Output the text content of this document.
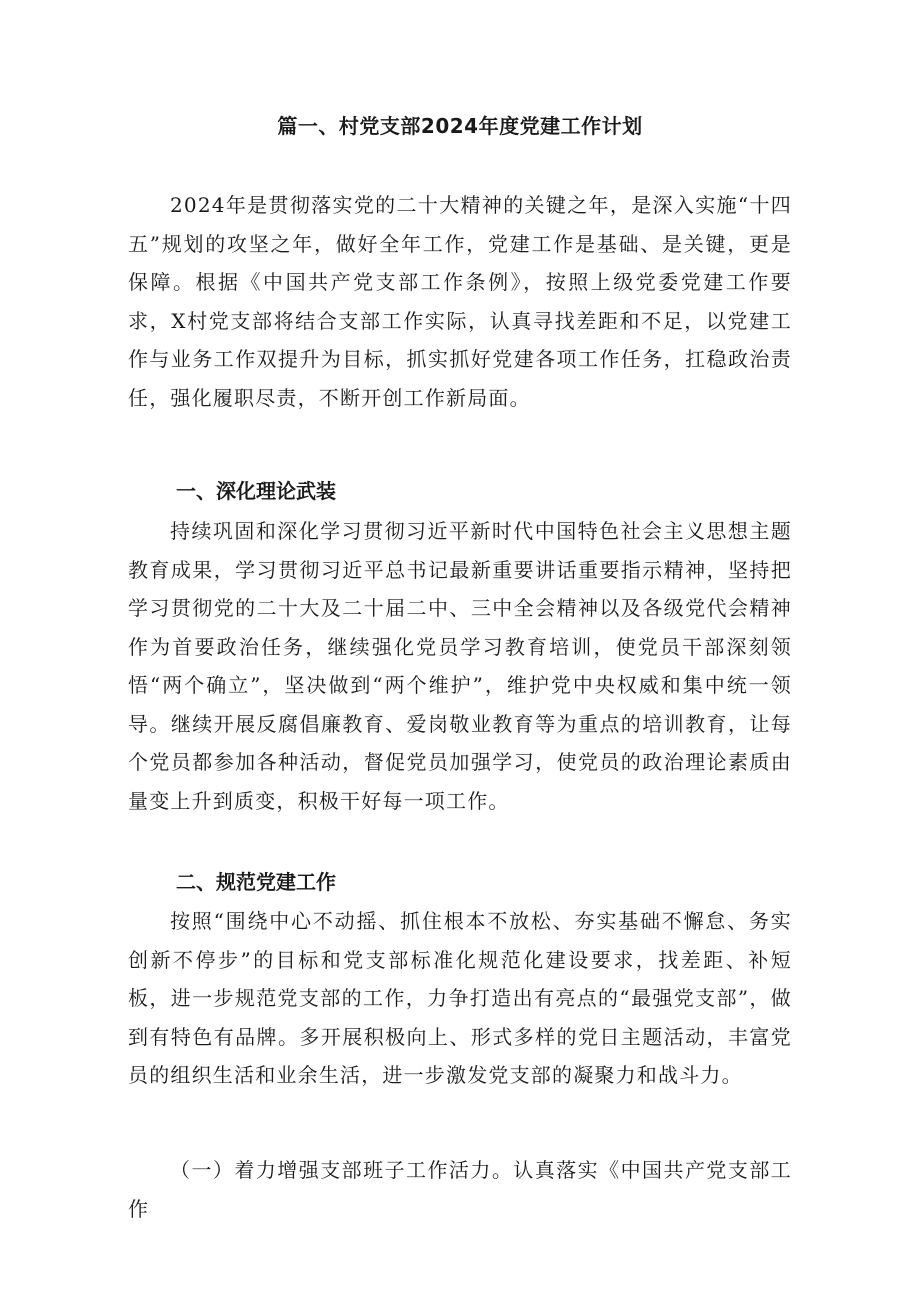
篇一、村党支部2024年度党建工作计划

2024年是贯彻落实党的二十大精神的关键之年，是深入实施“十四五”规划的攻坚之年，做好全年工作，党建工作是基础、是关键，更是保障。根据《中国共产党支部工作条例》，按照上级党委党建工作要求，X村党支部将结合支部工作实际，认真寻找差距和不足，以党建工作与业务工作双提升为目标，抓实抓好党建各项工作任务，扛稳政治责任，强化履职尽责，不断开创工作新局面。

一、深化理论武装

持续巩固和深化学习贯彻习近平新时代中国特色社会主义思想主题教育成果，学习贯彻习近平总书记最新重要讲话重要指示精神，坚持把学习贯彻党的二十大及二十届二中、三中全会精神以及各级党代会精神作为首要政治任务，继续强化党员学习教育培训，使党员干部深刻领悟“两个确立”，坚决做到“两个维护”，维护党中央权威和集中统一领导。继续开展反腐倡廉教育、爱岗敬业教育等为重点的培训教育，让每个党员都参加各种活动，督促党员加强学习，使党员的政治理论素质由量变上升到质变，积极干好每一项工作。

二、规范党建工作

按照“围绕中心不动摇、抓住根本不放松、夯实基础不懈怠、务实创新不停步”的目标和党支部标准化规范化建设要求，找差距、补短板，进一步规范党支部的工作，力争打造出有亮点的“最强党支部”，做到有特色有品牌。多开展积极向上、形式多样的党日主题活动，丰富党员的组织生活和业余生活，进一步激发党支部的凝聚力和战斗力。

（一）着力增强支部班子工作活力。认真落实《中国共产党支部工作
